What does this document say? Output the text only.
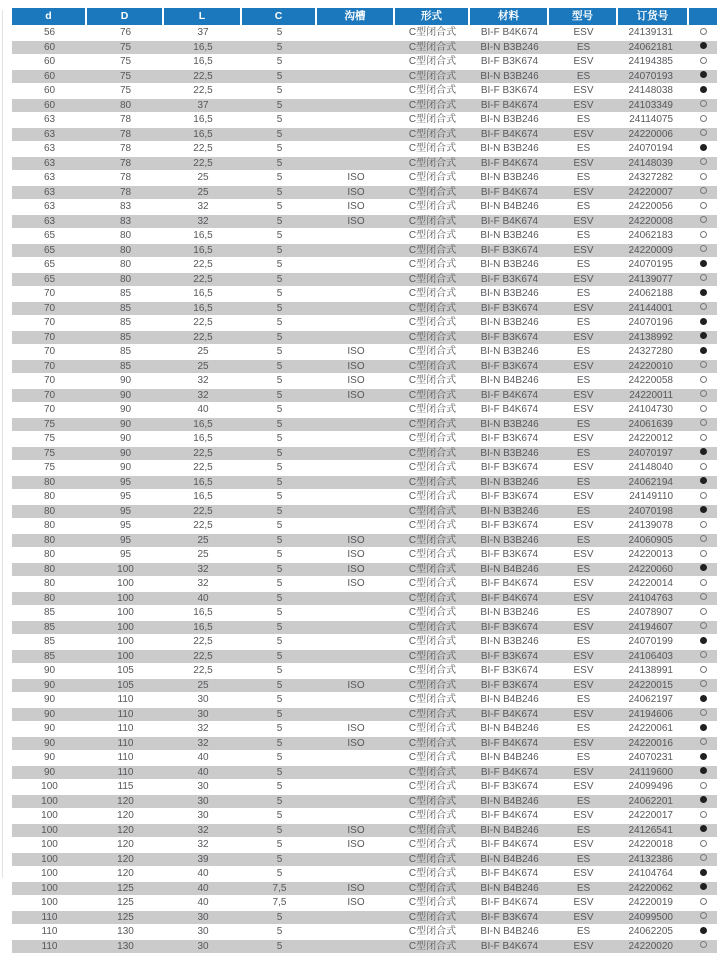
d	D	L	C	沟槽	形式	材料	型号	订货号	
56	76	37	5		C型闭合式	BI-F B4K674	ESV	24139131	
60	75	16,5	5		C型闭合式	BI-N B3B246	ES	24062181	
60	75	16,5	5		C型闭合式	BI-F B3K674	ESV	24194385	
60	75	22,5	5		C型闭合式	BI-N B3B246	ES	24070193	
60	75	22,5	5		C型闭合式	BI-F B3K674	ESV	24148038	
60	80	37	5		C型闭合式	BI-F B4K674	ESV	24103349	
63	78	16,5	5		C型闭合式	BI-N B3B246	ES	24114075	
63	78	16,5	5		C型闭合式	BI-F B4K674	ESV	24220006	
63	78	22,5	5		C型闭合式	BI-N B3B246	ES	24070194	
63	78	22,5	5		C型闭合式	BI-F B4K674	ESV	24148039	
63	78	25	5	ISO	C型闭合式	BI-N B3B246	ES	24327282	
63	78	25	5	ISO	C型闭合式	BI-F B4K674	ESV	24220007	
63	83	32	5	ISO	C型闭合式	BI-N B4B246	ES	24220056	
63	83	32	5	ISO	C型闭合式	BI-F B4K674	ESV	24220008	
65	80	16,5	5		C型闭合式	BI-N B3B246	ES	24062183	
65	80	16,5	5		C型闭合式	BI-F B3K674	ESV	24220009	
65	80	22,5	5		C型闭合式	BI-N B3B246	ES	24070195	
65	80	22,5	5		C型闭合式	BI-F B3K674	ESV	24139077	
70	85	16,5	5		C型闭合式	BI-N B3B246	ES	24062188	
70	85	16,5	5		C型闭合式	BI-F B3K674	ESV	24144001	
70	85	22,5	5		C型闭合式	BI-N B3B246	ES	24070196	
70	85	22,5	5		C型闭合式	BI-F B3K674	ESV	24138992	
70	85	25	5	ISO	C型闭合式	BI-N B3B246	ES	24327280	
70	85	25	5	ISO	C型闭合式	BI-F B3K674	ESV	24220010	
70	90	32	5	ISO	C型闭合式	BI-N B4B246	ES	24220058	
70	90	32	5	ISO	C型闭合式	BI-F B4K674	ESV	24220011	
70	90	40	5		C型闭合式	BI-F B4K674	ESV	24104730	
75	90	16,5	5		C型闭合式	BI-N B3B246	ES	24061639	
75	90	16,5	5		C型闭合式	BI-F B3K674	ESV	24220012	
75	90	22,5	5		C型闭合式	BI-N B3B246	ES	24070197	
75	90	22,5	5		C型闭合式	BI-F B3K674	ESV	24148040	
80	95	16,5	5		C型闭合式	BI-N B3B246	ES	24062194	
80	95	16,5	5		C型闭合式	BI-F B3K674	ESV	24149110	
80	95	22,5	5		C型闭合式	BI-N B3B246	ES	24070198	
80	95	22,5	5		C型闭合式	BI-F B3K674	ESV	24139078	
80	95	25	5	ISO	C型闭合式	BI-N B3B246	ES	24060905	
80	95	25	5	ISO	C型闭合式	BI-F B3K674	ESV	24220013	
80	100	32	5	ISO	C型闭合式	BI-N B4B246	ES	24220060	
80	100	32	5	ISO	C型闭合式	BI-F B4K674	ESV	24220014	
80	100	40	5		C型闭合式	BI-F B4K674	ESV	24104763	
85	100	16,5	5		C型闭合式	BI-N B3B246	ES	24078907	
85	100	16,5	5		C型闭合式	BI-F B3K674	ESV	24194607	
85	100	22,5	5		C型闭合式	BI-N B3B246	ES	24070199	
85	100	22,5	5		C型闭合式	BI-F B3K674	ESV	24106403	
90	105	22,5	5		C型闭合式	BI-F B3K674	ESV	24138991	
90	105	25	5	ISO	C型闭合式	BI-F B3K674	ESV	24220015	
90	110	30	5		C型闭合式	BI-N B4B246	ES	24062197	
90	110	30	5		C型闭合式	BI-F B4K674	ESV	24194606	
90	110	32	5	ISO	C型闭合式	BI-N B4B246	ES	24220061	
90	110	32	5	ISO	C型闭合式	BI-F B4K674	ESV	24220016	
90	110	40	5		C型闭合式	BI-N B4B246	ES	24070231	
90	110	40	5		C型闭合式	BI-F B4K674	ESV	24119600	
100	115	30	5		C型闭合式	BI-F B3K674	ESV	24099496	
100	120	30	5		C型闭合式	BI-N B4B246	ES	24062201	
100	120	30	5		C型闭合式	BI-F B4K674	ESV	24220017	
100	120	32	5	ISO	C型闭合式	BI-N B4B246	ES	24126541	
100	120	32	5	ISO	C型闭合式	BI-F B4K674	ESV	24220018	
100	120	39	5		C型闭合式	BI-N B4B246	ES	24132386	
100	120	40	5		C型闭合式	BI-F B4K674	ESV	24104764	
100	125	40	7,5	ISO	C型闭合式	BI-N B4B246	ES	24220062	
100	125	40	7,5	ISO	C型闭合式	BI-F B4K674	ESV	24220019	
110	125	30	5		C型闭合式	BI-F B3K674	ESV	24099500	
110	130	30	5		C型闭合式	BI-N B4B246	ES	24062205	
110	130	30	5		C型闭合式	BI-F B4K674	ESV	24220020	
